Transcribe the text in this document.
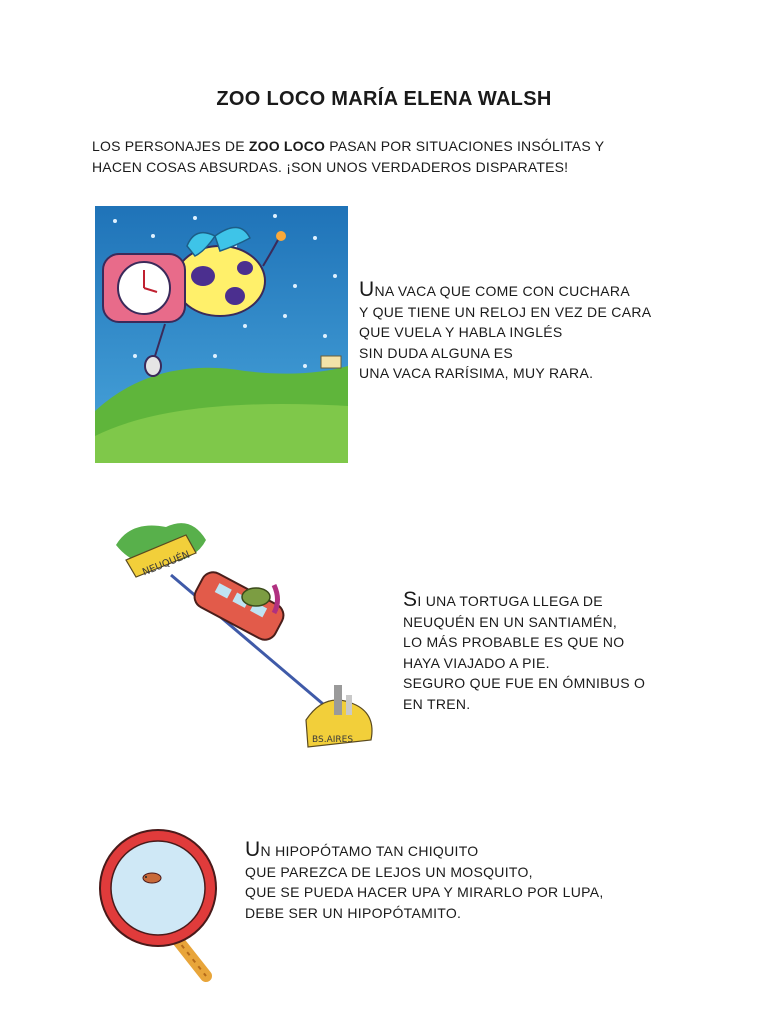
ZOO LOCO MARÍA ELENA WALSH
LOS PERSONAJES DE ZOO LOCO PASAN POR SITUACIONES INSÓLITAS Y
HACEN COSAS ABSURDAS. ¡SON UNOS VERDADEROS DISPARATES!
UNA VACA QUE COME CON CUCHARA
Y QUE TIENE UN RELOJ EN VEZ DE CARA
QUE VUELA Y HABLA INGLÉS
SIN DUDA ALGUNA ES
UNA VACA RARÍSIMA, MUY RARA.
NEUQUÉN
BS.AIRES
SI UNA TORTUGA LLEGA DE
NEUQUÉN EN UN SANTIAMÉN,
LO MÁS PROBABLE ES QUE NO
HAYA VIAJADO A PIE.
SEGURO QUE FUE EN ÓMNIBUS O
EN TREN.
UN HIPOPÓTAMO TAN CHIQUITO
QUE PAREZCA DE LEJOS UN MOSQUITO,
QUE SE PUEDA HACER UPA Y MIRARLO POR LUPA,
DEBE SER UN HIPOPÓTAMITO.
